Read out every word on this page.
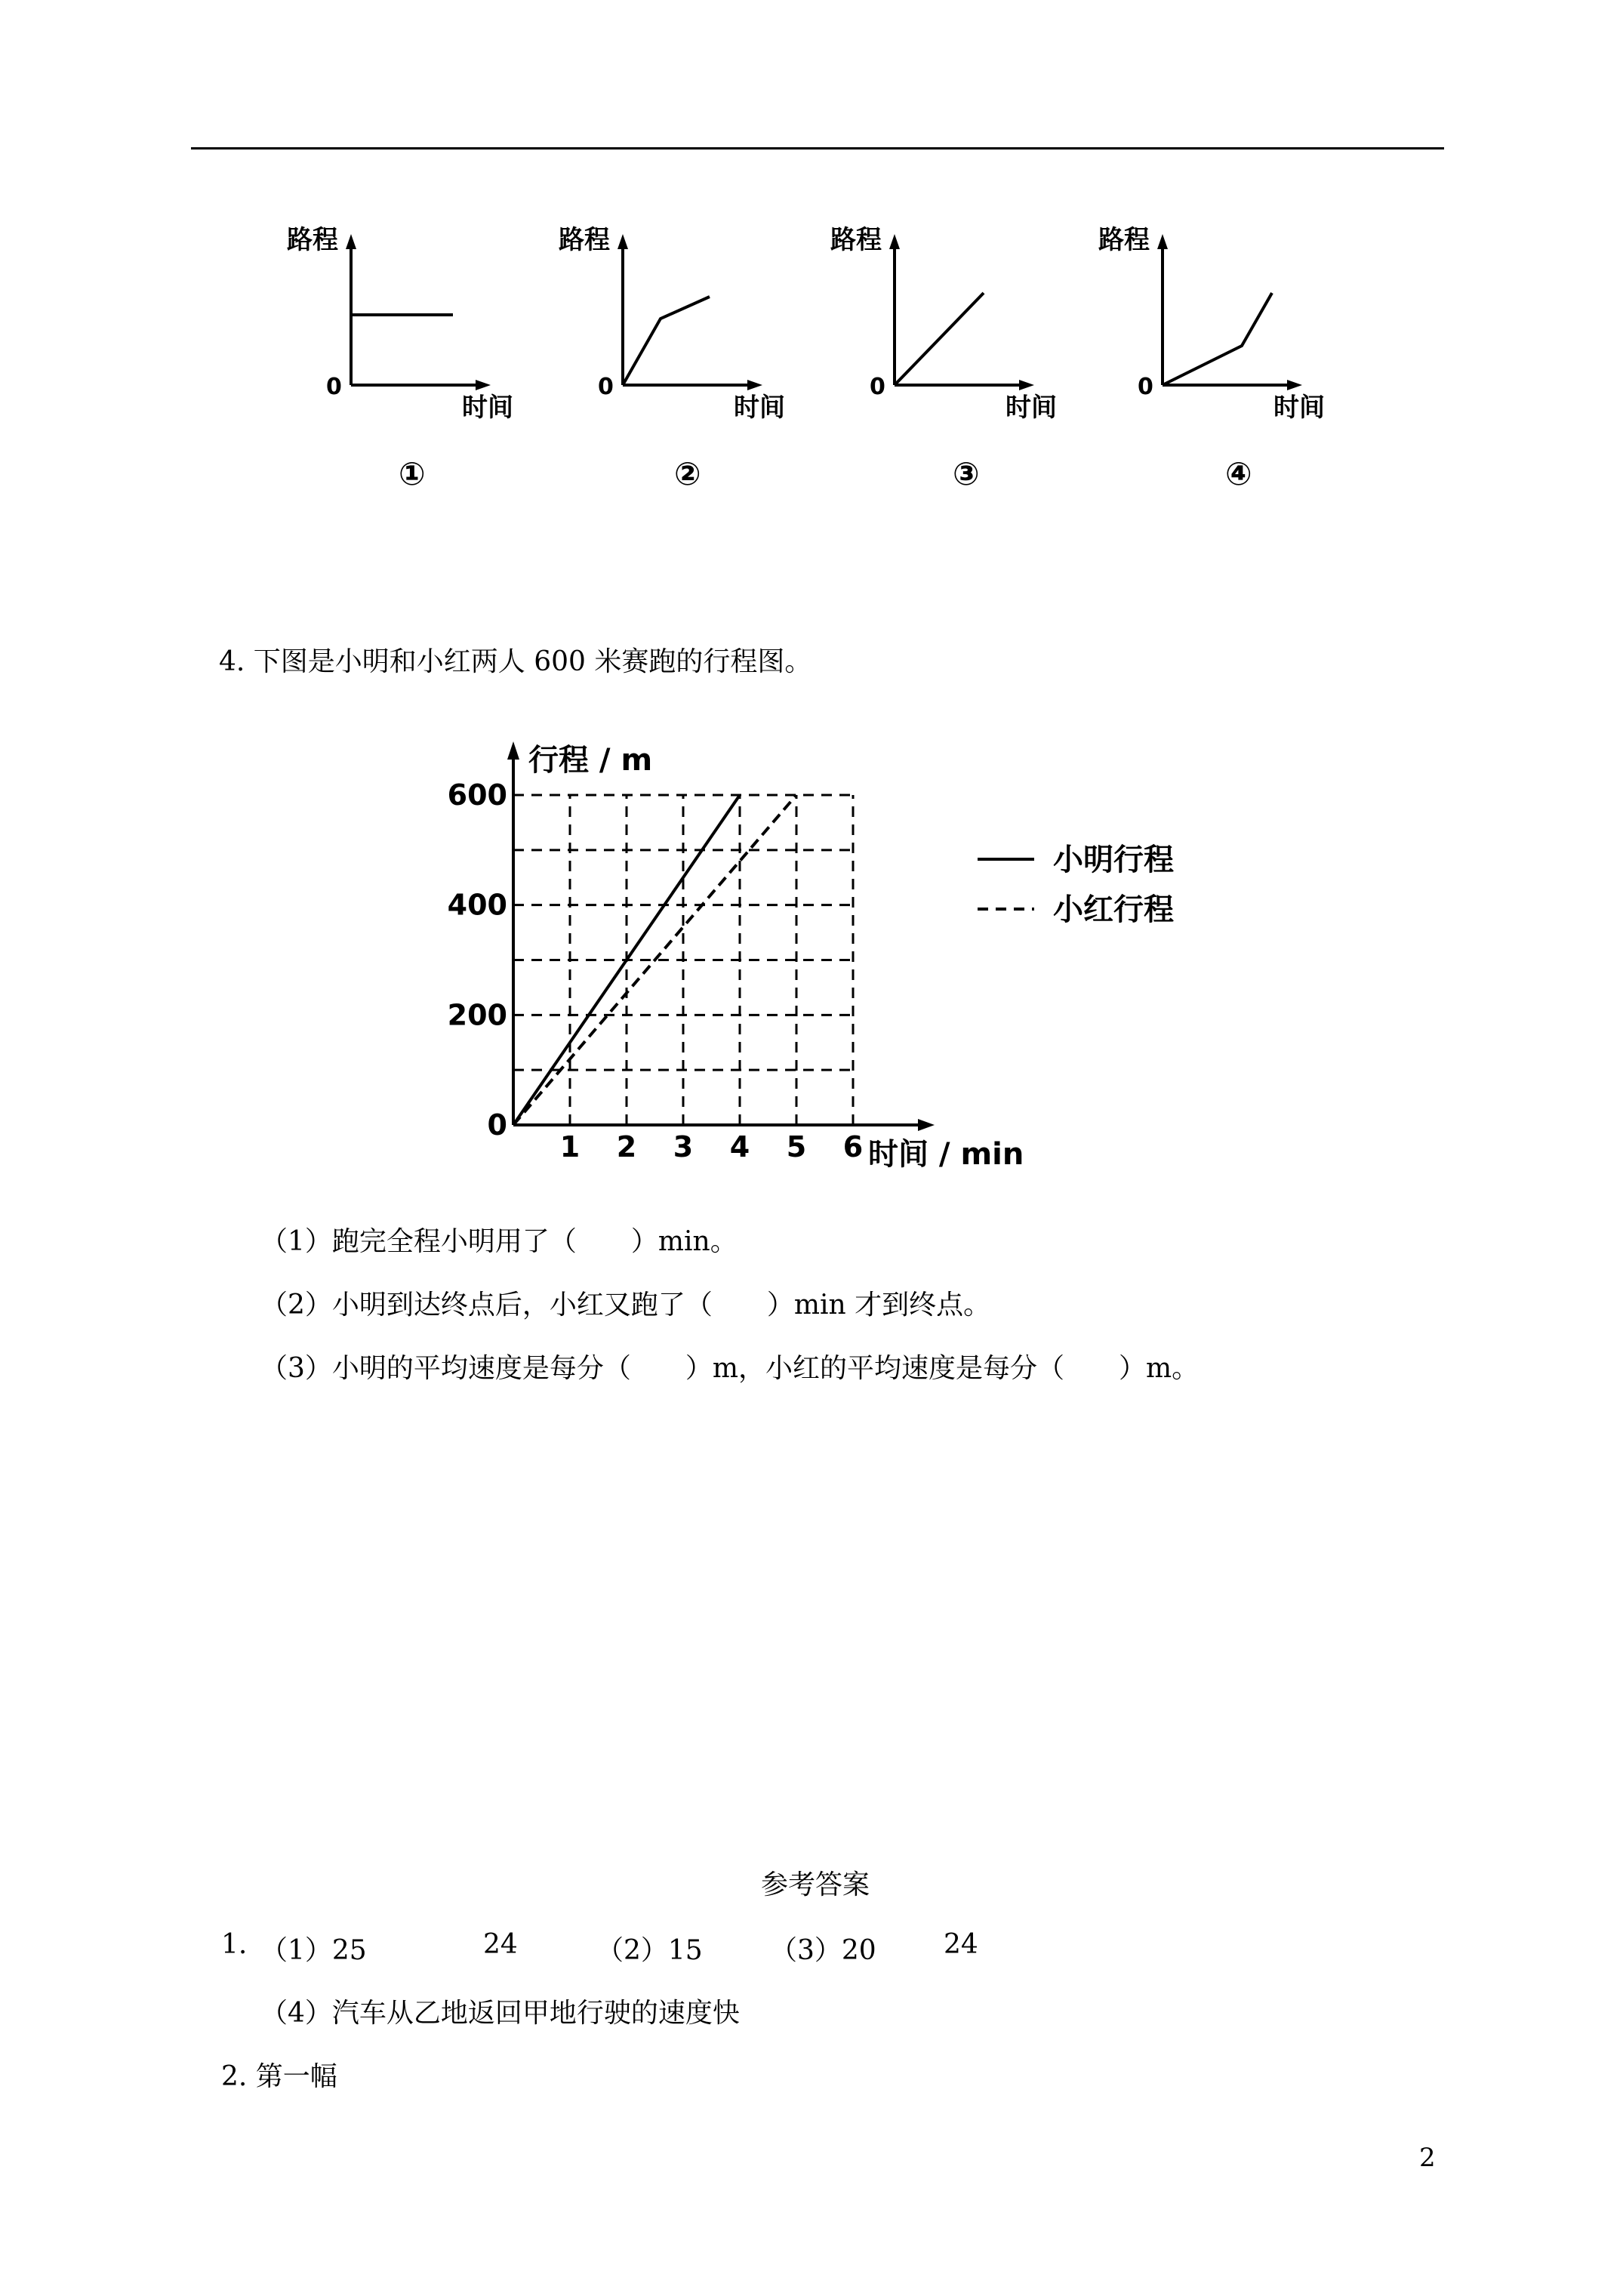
路程
0
时间
①
路程
0
时间
②
路程
0
时间
③
路程
0
时间
④
4. 下图是小明和小红两人 600 米赛跑的行程图。
1 2 3 4 5 6
0
200
400
600
行程 / m
时间 / min
小明行程
小红行程
（1）跑完全程小明用了（　　）min。
（2）小明到达终点后，小红又跑了（　　）min 才到终点。
（3）小明的平均速度是每分（　　）m，小红的平均速度是每分（　　）m。
参考答案
1. （1）25	24	（2）15 （3）20 24
（4）汽车从乙地返回甲地行驶的速度快
2. 第一幅
2
